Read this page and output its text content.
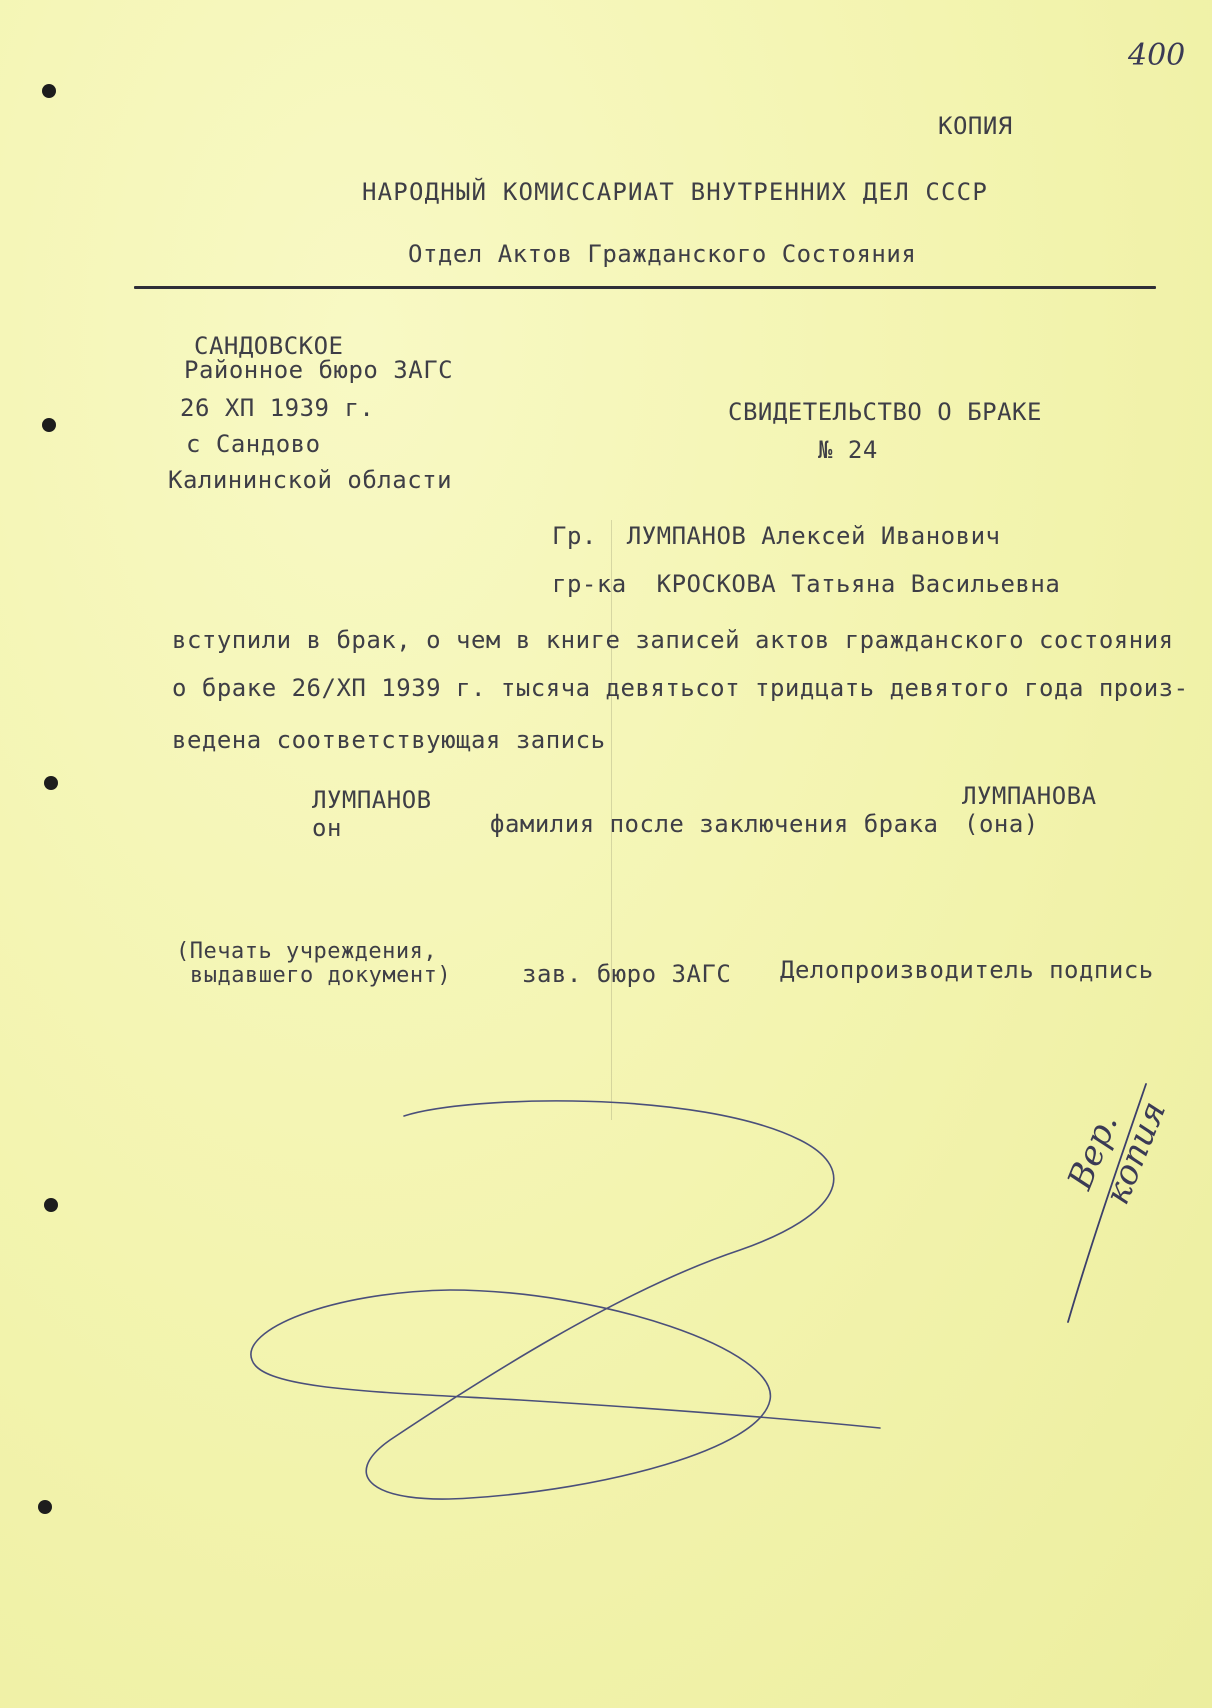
400
КОПИЯ
НАРОДНЫЙ КОМИССАРИАТ ВНУТРЕННИХ ДЕЛ СССР
Отдел Актов Гражданского Состояния
САНДОВСКОЕ
Районное бюро ЗАГС
26 ХП 1939 г.
с Сандово
Калининской области
СВИДЕТЕЛЬСТВО О БРАКЕ
№ 24
Гр.  ЛУМПАНОВ Алексей Иванович
гр-ка  КРОСКОВА Татьяна Васильевна
вступили в брак, о чем в книге записей актов гражданского состояния
о браке 26/ХП 1939 г. тысяча девятьсот тридцать девятого года произ-
ведена соответствующая запись
ЛУМПАНОВ
он	фамилия после заключения брака
ЛУМПАНОВА
(она)
(Печать учреждения,
выдавшего документ)	зав. бюро ЗАГС Делопроизводитель подпись
Вер. копия
